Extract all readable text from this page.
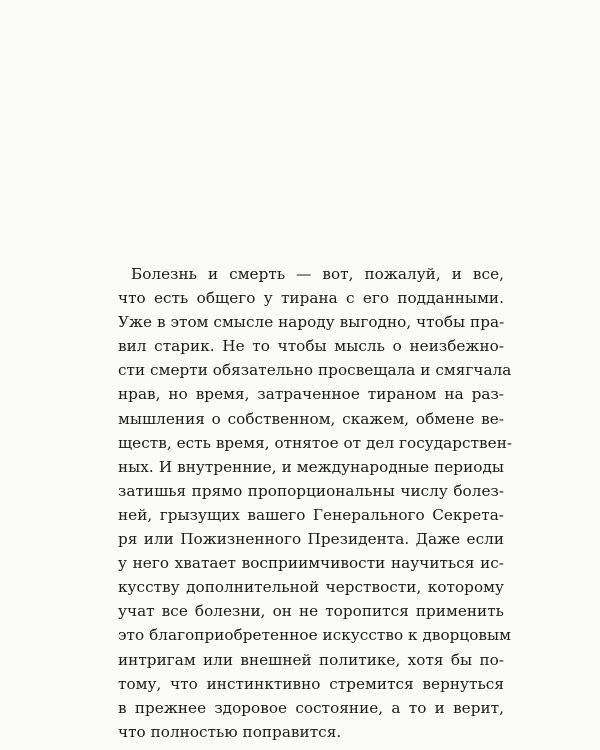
Болезнь и смерть — вот, пожалуй, и все,
что есть общего у тирана с его подданными.
Уже в этом смысле народу выгодно, чтобы пра-
вил старик. Не то чтобы мысль о неизбежно-
сти смерти обязательно просвещала и смягчала
нрав, но время, затраченное тираном на раз-
мышления о собственном, скажем, обмене ве-
ществ, есть время, отнятое от дел государствен-
ных. И внутренние, и международные периоды
затишья прямо пропорциональны числу болез-
ней, грызущих вашего Генерального Секрета-
ря или Пожизненного Президента. Даже если
у него хватает восприимчивости научиться ис-
кусству дополнительной черствости, которому
учат все болезни, он не торопится применить
это благоприобретенное искусство к дворцовым
интригам или внешней политике, хотя бы по-
тому, что инстинктивно стремится вернуться
в прежнее здоровое состояние, а то и верит,
что полностью поправится.
